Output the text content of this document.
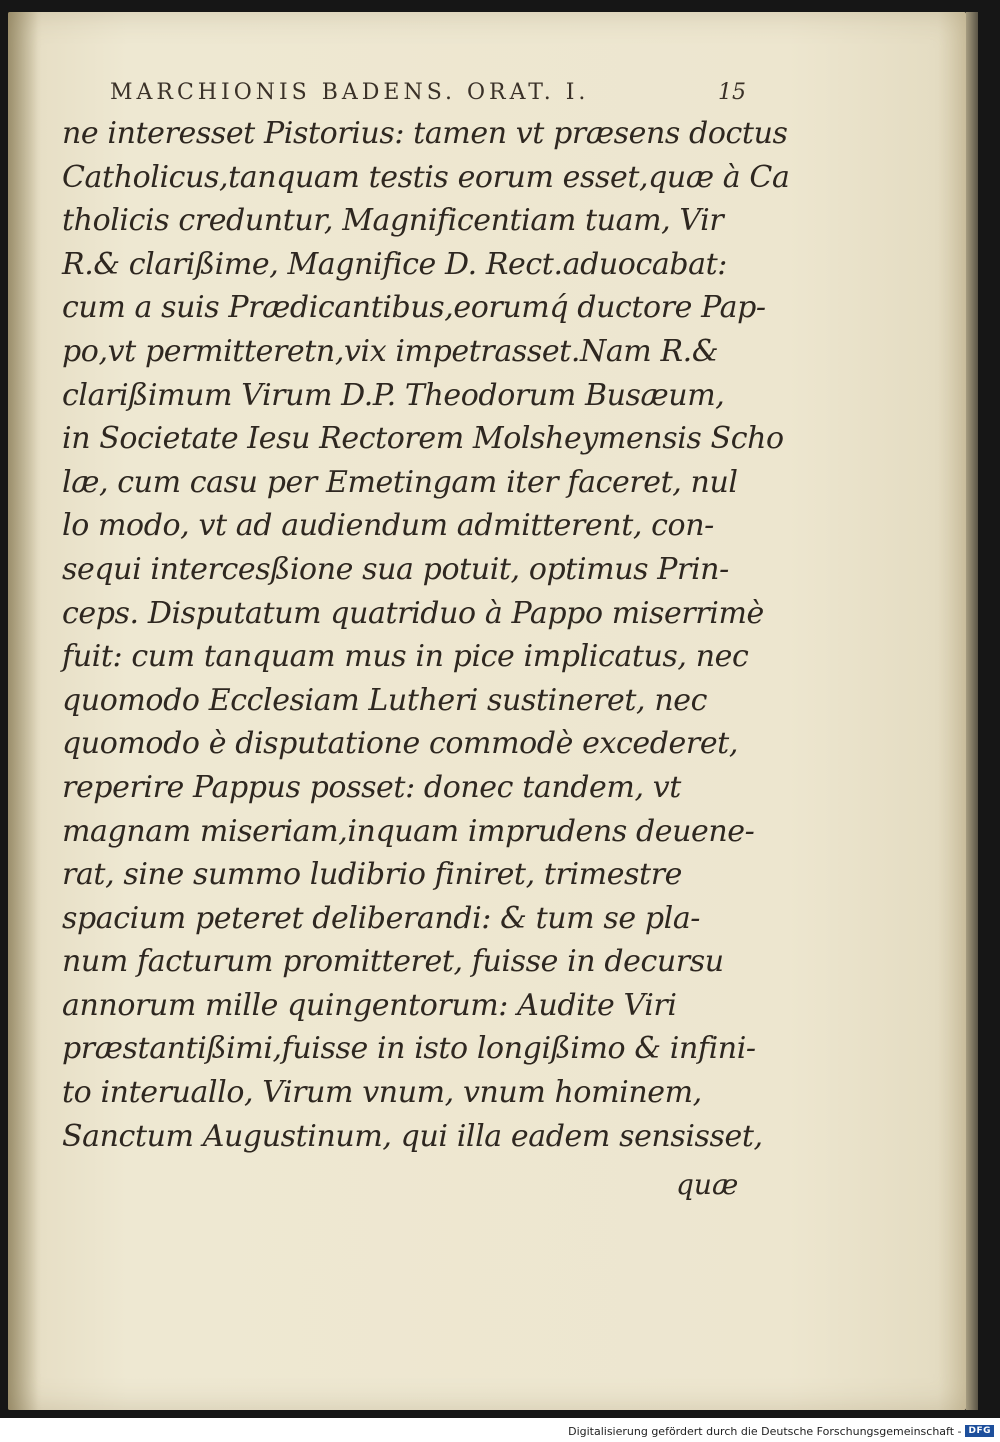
MARCHIONIS BADENS. ORAT. I.	15
ne interesset Pistorius: tamen vt præsens doctus
Catholicus,tanquam testis eorum esset,quæ à Ca
tholicis creduntur, Magnificentiam tuam, Vir
R.& clarißime, Magnifice D. Rect.aduocabat:
cum a suis Prædicantibus,eorumq́ ductore Pap-
po,vt permitteretn,vix impetrasset.Nam R.&
clarißimum Virum D.P. Theodorum Busæum,
in Societate Iesu Rectorem Molsheymensis Scho
læ, cum casu per Emetingam iter faceret, nul
lo modo, vt ad audiendum admitterent, con-
sequi intercesßione sua potuit, optimus Prin-
ceps. Disputatum quatriduo à Pappo miserrimè
fuit: cum tanquam mus in pice implicatus, nec
quomodo Ecclesiam Lutheri sustineret, nec
quomodo è disputatione commodè excederet,
reperire Pappus posset: donec tandem, vt
magnam miseriam,inquam imprudens deuene-
rat, sine summo ludibrio finiret, trimestre
spacium peteret deliberandi: & tum se pla-
num facturum promitteret, fuisse in decursu
annorum mille quingentorum: Audite Viri
præstantißimi,fuisse in isto longißimo & infini-
to interuallo, Virum vnum, vnum hominem,
Sanctum Augustinum, qui illa eadem sensisset,
quæ
Digitalisierung gefördert durch die Deutsche Forschungsgemeinschaft - DFG
